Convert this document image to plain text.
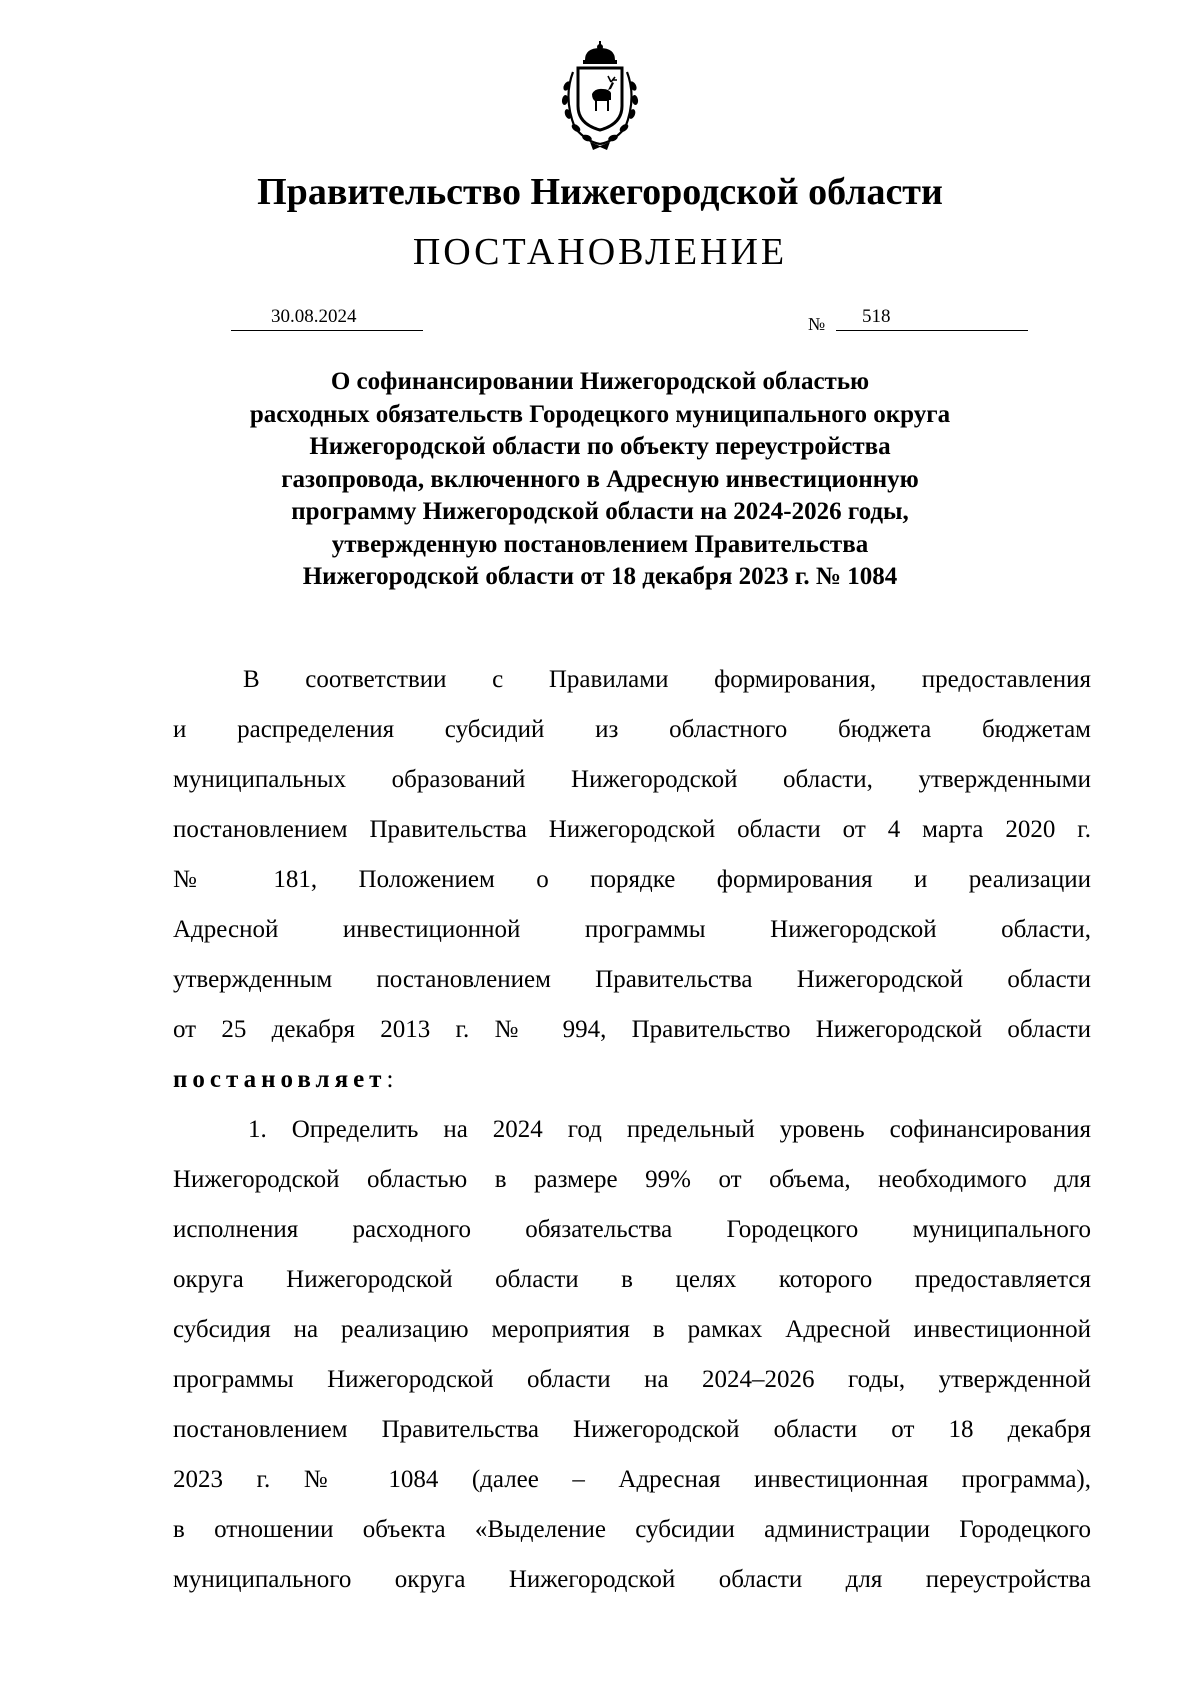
Правительство Нижегородской области
ПОСТАНОВЛЕНИЕ
30.08.2024	№ 518
О софинансировании Нижегородской областью
расходных обязательств Городецкого муниципального округа
Нижегородской области по объекту переустройства
газопровода, включенного в Адресную инвестиционную
программу Нижегородской области на 2024-2026 годы,
утвержденную постановлением Правительства
Нижегородской области от 18 декабря 2023 г. № 1084
В соответствии с Правилами формирования, предоставления
и распределения субсидий из областного бюджета бюджетам
муниципальных образований Нижегородской области, утвержденными
постановлением Правительства Нижегородской области от 4 марта 2020 г.
№ 181, Положением о порядке формирования и реализации
Адресной инвестиционной программы Нижегородской области,
утвержденным постановлением Правительства Нижегородской области
от 25 декабря 2013 г. № 994, Правительство Нижегородской области
постановляет:
1. Определить на 2024 год предельный уровень софинансирования
Нижегородской областью в размере 99% от объема, необходимого для
исполнения расходного обязательства Городецкого муниципального
округа Нижегородской области в целях которого предоставляется
субсидия на реализацию мероприятия в рамках Адресной инвестиционной
программы Нижегородской области на 2024–2026 годы, утвержденной
постановлением Правительства Нижегородской области от 18 декабря
2023 г. № 1084 (далее – Адресная инвестиционная программа),
в отношении объекта «Выделение субсидии администрации Городецкого
муниципального округа Нижегородской области для переустройства
